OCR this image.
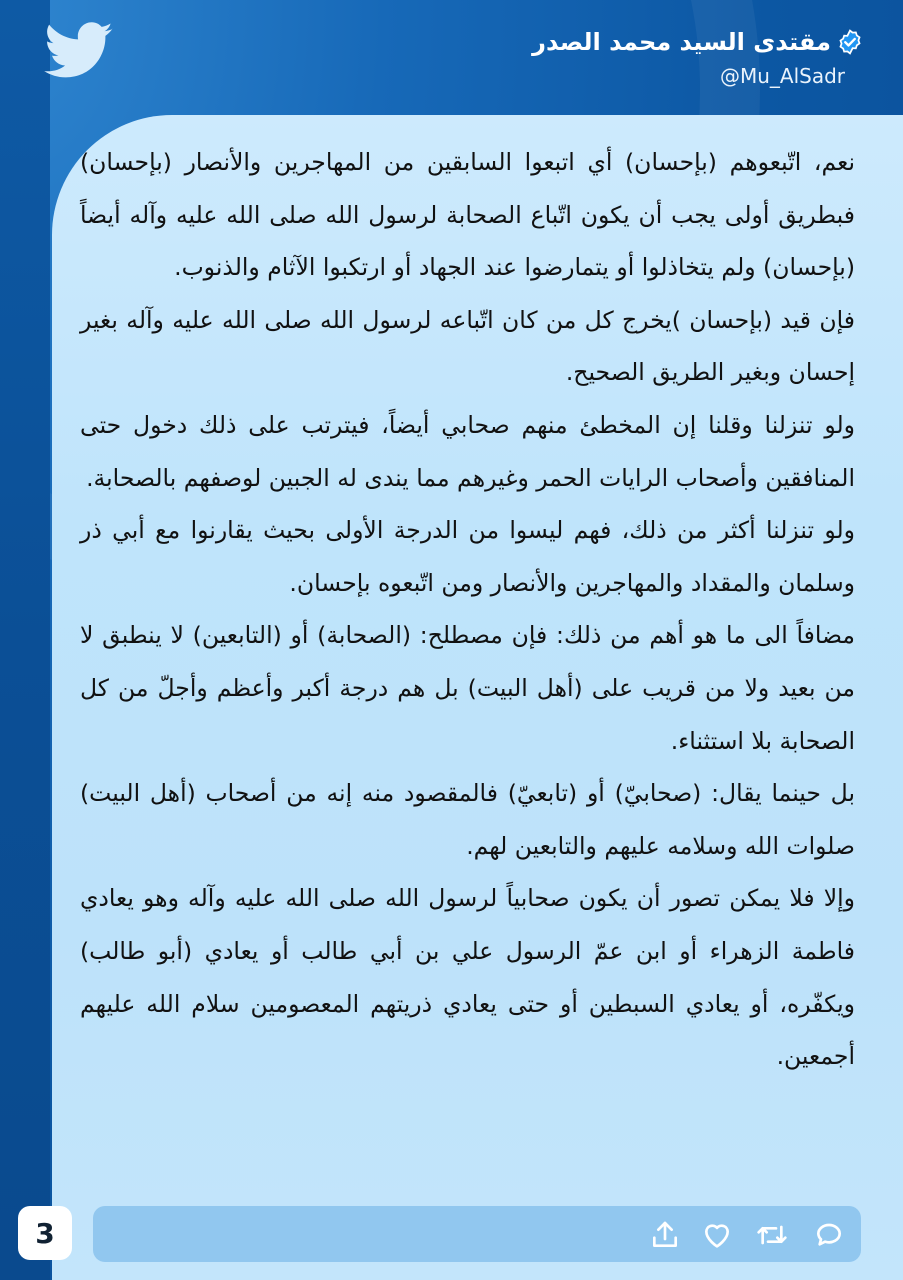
مقتدى السيد محمد الصدر
@Mu_AlSadr

نعم، اتّبعوهم (بإحسان) أي اتبعوا السابقين من المهاجرين والأنصار (بإحسان) فبطريق أولى يجب أن يكون اتّباع الصحابة لرسول الله صلى الله عليه وآله أيضاً (بإحسان) ولم يتخاذلوا أو يتمارضوا عند الجهاد أو ارتكبوا الآثام والذنوب.

فإن قيد (بإحسان )يخرج كل من كان اتّباعه لرسول الله صلى الله عليه وآله بغير إحسان وبغير الطريق الصحيح.

ولو تنزلنا وقلنا إن المخطئ منهم صحابي أيضاً، فيترتب على ذلك دخول حتى المنافقين وأصحاب الرايات الحمر وغيرهم مما يندى له الجبين لوصفهم بالصحابة.

ولو تنزلنا أكثر من ذلك، فهم ليسوا من الدرجة الأولى بحيث يقارنوا مع أبي ذر وسلمان والمقداد والمهاجرين والأنصار ومن اتّبعوه بإحسان.

مضافاً الى ما هو أهم من ذلك: فإن مصطلح: (الصحابة) أو (التابعين) لا ينطبق لا من بعيد ولا من قريب على (أهل البيت) بل هم درجة أكبر وأعظم وأجلّ من كل الصحابة بلا استثناء.

بل حينما يقال: (صحابيّ) أو (تابعيّ) فالمقصود منه إنه من أصحاب (أهل البيت) صلوات الله وسلامه عليهم والتابعين لهم.

وإلا فلا يمكن تصور أن يكون صحابياً لرسول الله صلى الله عليه وآله وهو يعادي فاطمة الزهراء أو ابن عمّ الرسول علي بن أبي طالب أو يعادي (أبو طالب) ويكفّره، أو يعادي السبطين أو حتى يعادي ذريتهم المعصومين سلام الله عليهم أجمعين.

3
